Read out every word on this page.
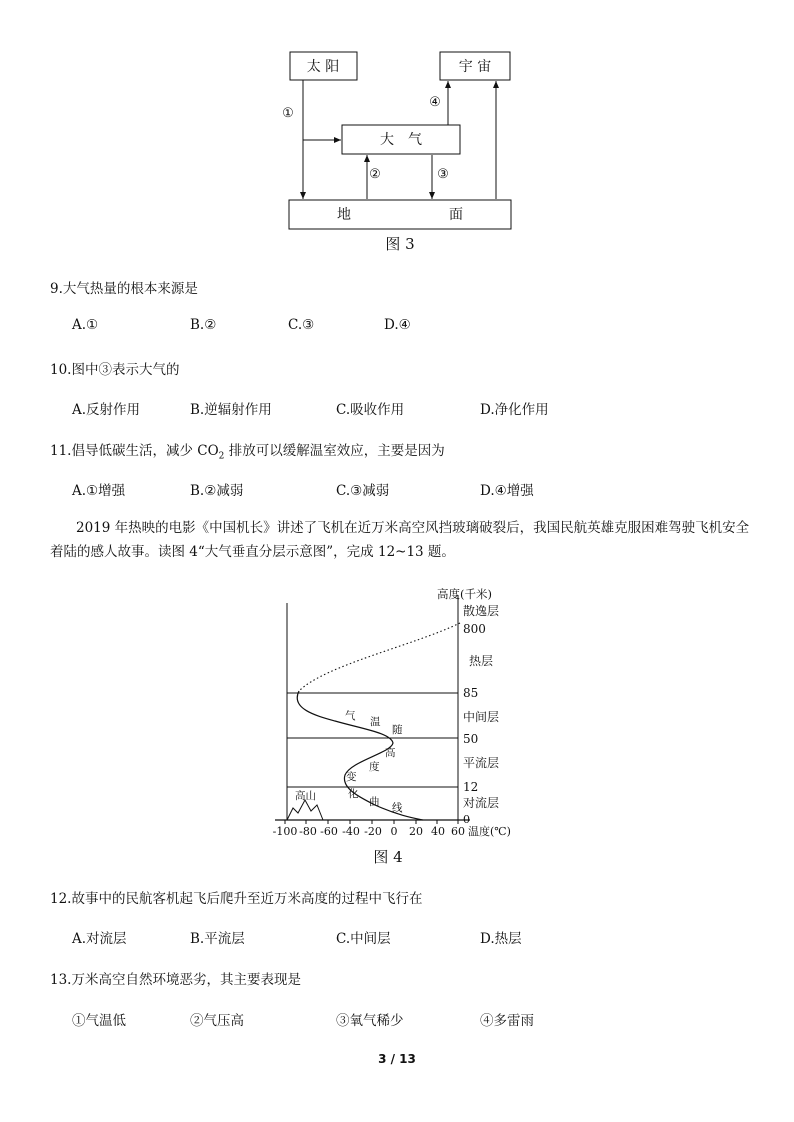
太 阳	宇 宙
大　气
地　　　　　　　面
①
②	③
④
图 3
9.大气热量的根本来源是
A.①	B.②	C.③	D.④
10.图中③表示大气的
A.反射作用	B.逆辐射作用	C.吸收作用	D.净化作用
11.倡导低碳生活，减少 $CO_2$ 排放可以缓解温室效应，主要是因为
A.①增强	B.②减弱	C.③减弱	D.④增强
2019 年热映的电影《中国机长》讲述了飞机在近万米高空风挡玻璃破裂后，我国民航英雄克服困难驾驶飞机安全着陆的感人故事。读图 4“大气垂直分层示意图”，完成 12~13 题。
-100 -80 -60 -40 -20 0 20 40 60 温度(℃)
高度(千米)
散逸层
800
热层
85
中间层
50
平流层
12
对流层
0
气 温
随
高
度
变
化
曲 线
高山
图 4
12.故事中的民航客机起飞后爬升至近万米高度的过程中飞行在
A.对流层	B.平流层	C.中间层	D.热层
13.万米高空自然环境恶劣，其主要表现是
①气温低	②气压高	③氧气稀少	④多雷雨
3 / 13
